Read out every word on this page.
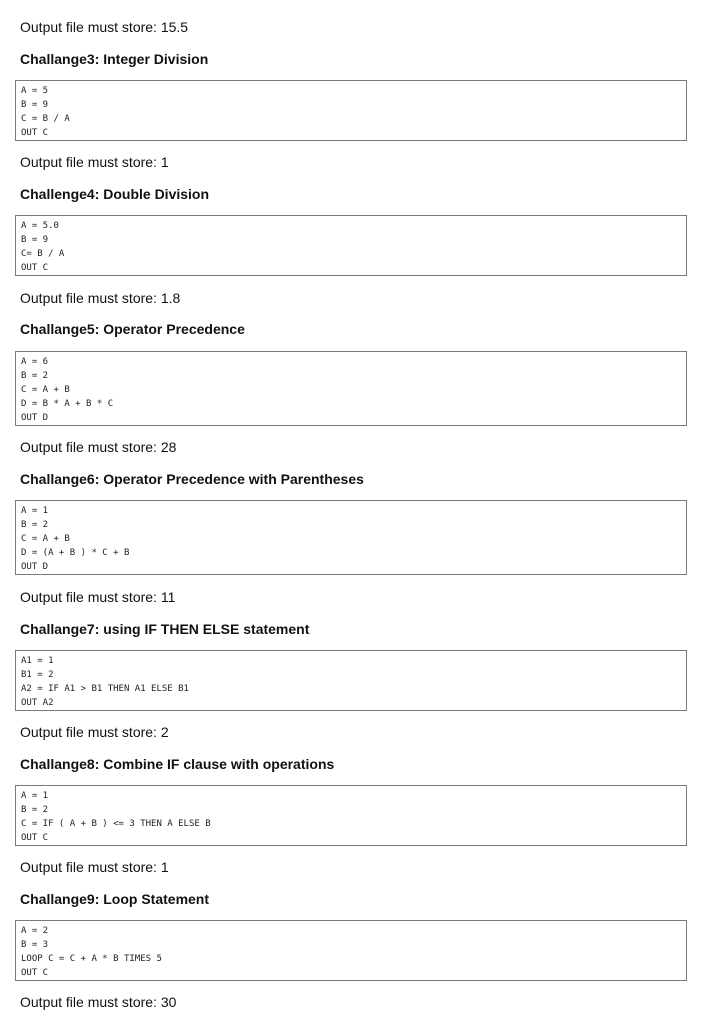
Output file must store: 15.5
Challange3: Integer Division
A = 5
B = 9
C = B / A
OUT C
Output file must store: 1
Challenge4: Double Division
A = 5.0
B = 9
C= B / A
OUT C
Output file must store: 1.8
Challange5: Operator Precedence
A = 6
B = 2
C = A + B
D = B * A + B * C
OUT D
Output file must store: 28
Challange6: Operator Precedence with Parentheses
A = 1
B = 2
C = A + B
D = (A + B ) * C + B
OUT D
Output file must store: 11
Challange7: using IF THEN ELSE statement
A1 = 1
B1 = 2
A2 = IF A1 > B1 THEN A1 ELSE B1
OUT A2
Output file must store: 2
Challange8: Combine IF clause with operations
A = 1
B = 2
C = IF ( A + B ) <= 3 THEN A ELSE B
OUT C
Output file must store: 1
Challange9: Loop Statement
A = 2
B = 3
LOOP C = C + A * B TIMES 5
OUT C
Output file must store: 30
